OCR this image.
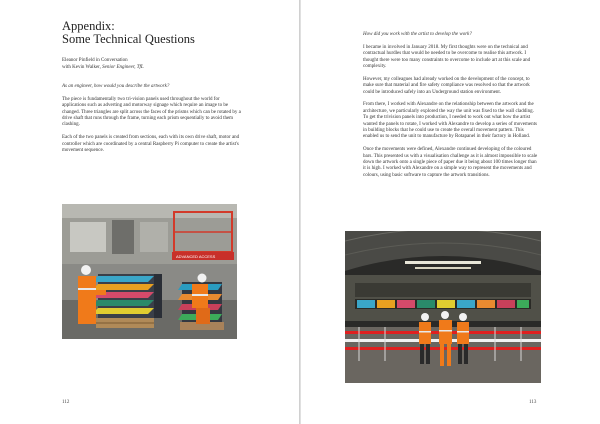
Appendix:
Some Technical Questions
Eleanor Pinfield in Conversation
with Kevin Walker, Senior Engineer, TfL

As an engineer, how would you describe the artwork?

The piece is fundamentally two tri-vision panels used throughout the world for applications such as adverting and motorway signage which require an image to be changed. Three triangles are split across the faces of the prisms which can be rotated by a drive shaft that runs through the frame, turning each prism sequentially to avoid them clashing.

Each of the two panels is created from sections, each with its own drive shaft, motor and controller which are coordinated by a central Raspberry Pi computer to create the artist's movement sequence.

ADVANCED ACCESS
112

How did you work with the artist to develop the work?

I became in involved in January 2018. My first thoughts were on the technical and contractual hurdles that would be needed to be overcome to realise this artwork. I thought there were too many constraints to overcome to include art at this scale and complexity.

However, my colleagues had already worked on the development of the concept, to make sure that material and fire safety compliance was resolved so that the artwork could be introduced safely into an Underground station environment.

From there, I worked with Alexandre on the relationship between the artwork and the architecture, we particularly explored the way the unit was fixed to the wall cladding. To get the trivision panels into production, I needed to work out what how the artist wanted the panels to rotate, I worked with Alexandre to develop a series of movements in building blocks that he could use to create the overall movement pattern. This enabled us to send the unit to manufacture by Rotapanel in their factory in Holland.

Once the movements were defined, Alexandre continued developing of the coloured bars. This presented us with a visualisation challenge as it is almost impossible to scale down the artwork onto a single piece of paper due it being about 100 times longer than it is high. I worked with Alexandre on a simple way to represent the movements and colours, using basic software to capture the artwork transitions.

113
